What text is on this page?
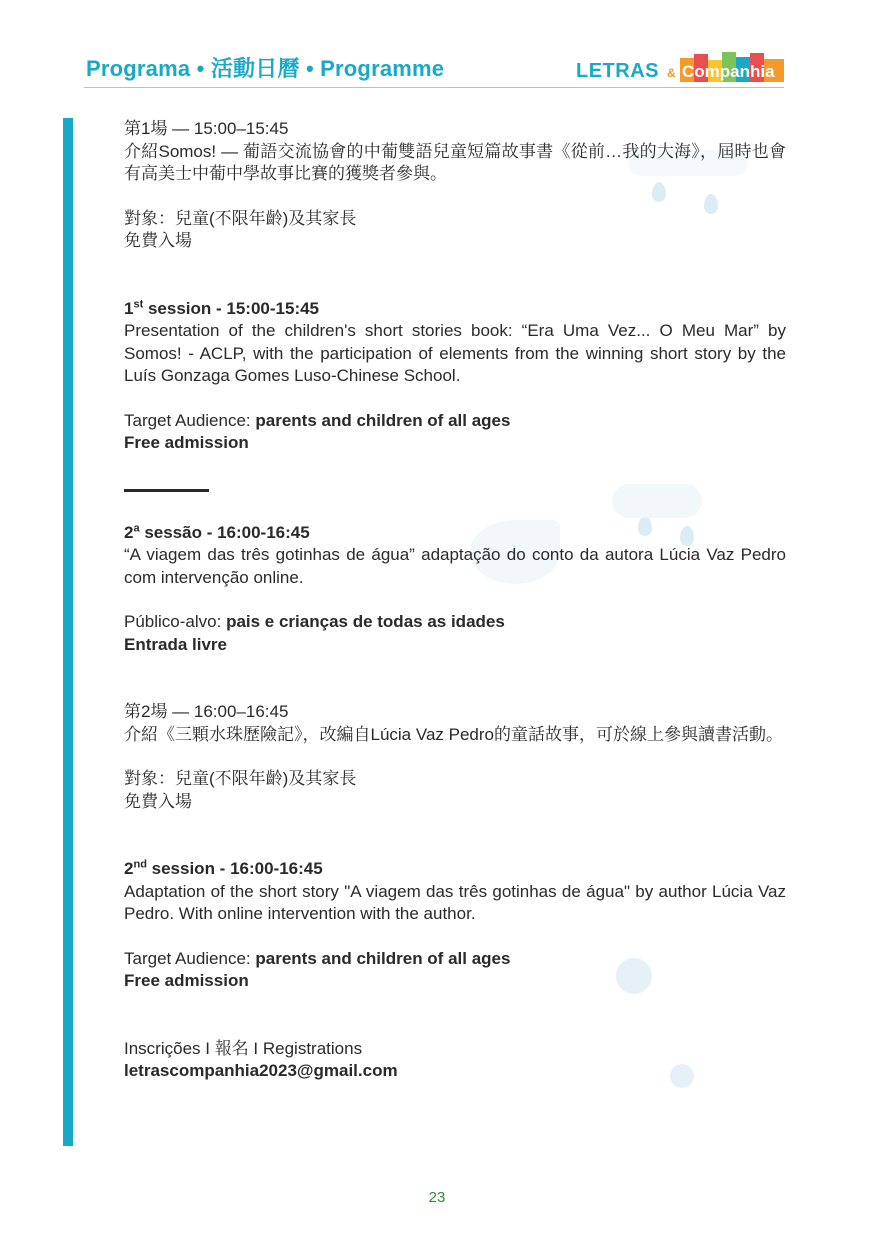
Programa • 活動日曆 • Programme	LETRAS & Companhia

第1場 — 15:00–15:45

介紹Somos! — 葡語交流協會的中葡雙語兒童短篇故事書《從前…我的大海》，屆時也會有高美士中葡中學故事比賽的獲獎者參與。

對象：兒童(不限年齡)及其家長

免費入場

1st session - 15:00-15:45

Presentation of the children's short stories book: “Era Uma Vez... O Meu Mar” by Somos! - ACLP, with the participation of elements from the winning short story by the Luís Gonzaga Gomes Luso-Chinese School.

Target Audience: parents and children of all ages

Free admission

2$^a$ sessão - 16:00-16:45

“A viagem das três gotinhas de água” adaptação do conto da autora Lúcia Vaz Pedro com intervenção online.

Público-alvo: pais e crianças de todas as idades

Entrada livre

第2場 — 16:00–16:45

介紹《三顆水珠歷險記》，改編自Lúcia Vaz Pedro的童話故事，可於線上參與讀書活動。

對象：兒童(不限年齡)及其家長

免費入場

2nd session - 16:00-16:45

Adaptation of the short story "A viagem das três gotinhas de água" by author Lúcia Vaz Pedro. With online intervention with the author.

Target Audience: parents and children of all ages

Free admission

Inscrições I 報名 I Registrations

letrascompanhia2023@gmail.com

23
